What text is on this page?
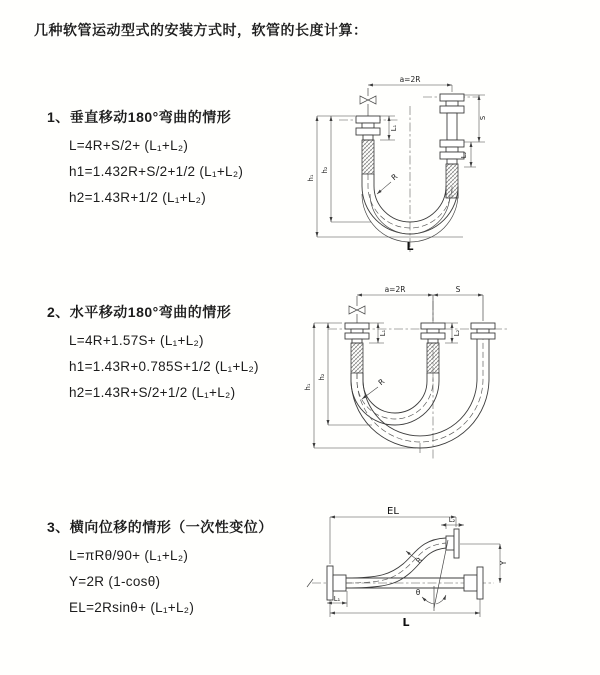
几种软管运动型式的安装方式时，软管的长度计算：
1、垂直移动180°弯曲的情形
L=4R+S/2+ (L₁+L₂)
h1=1.432R+S/2+1/2 (L₁+L₂)
h2=1.43R+1/2 (L₁+L₂)
2、水平移动180°弯曲的情形
L=4R+1.57S+ (L₁+L₂)
h1=1.43R+0.785S+1/2 (L₁+L₂)
h2=1.43R+S/2+1/2 (L₁+L₂)
3、横向位移的情形（一次性变位）
L=πRθ/90+ (L₁+L₂)
Y=2R (1-cosθ)
EL=2Rsinθ+ (L₁+L₂)
a=2R
h₁
h₂
L
L₁
S
L₂
R
a=2R	S
h₁
h₂
L₁	L₂
R
EL
L₂
Y
L
L₁
R
θ
